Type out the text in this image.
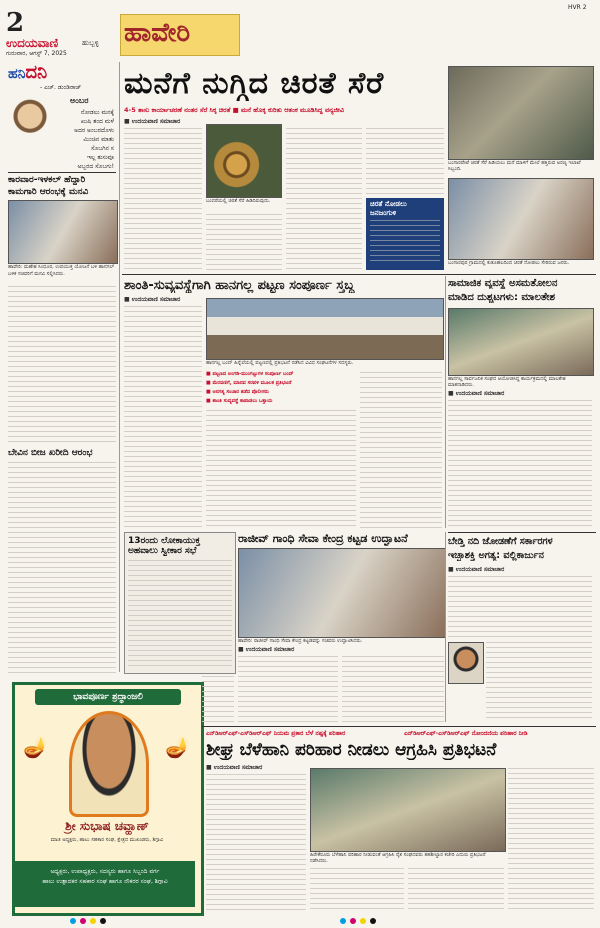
2
ಉದಯವಾಣಿ	ಹುಬ್ಬಳ್ಳಿ
ಗುರುವಾರ, ಆಗಸ್ಟ್ 7, 2025
ಹಾವೇರಿ
HVR 2
ಹನಿದನಿ
- ಎಚ್. ಡುಂಡಿರಾಜ್
ಅಂಬರ
ನೋಡಲು ಮನಕ್ಕೆ
ಖುಷಿ ತಂದ ಮಳೆ
ಅದರ ಅಂಬರದೊಳು
ಮಿಂಚಿನ ಮಾತು
ಸೊಬಗಿನ ಸ
ಇಲ್ಲ ತುಸುವೂ
ಅಬ್ಬರದ ಸೊಬಗು!
ಕಾರವಾರ-ಇಳಕಲ್ ಹೆದ್ದಾರಿ
ಕಾಮಗಾರಿ ಆರಂಭಕ್ಕೆ ಮನವಿ
ಹಾವೇರಿ: ಮಹೇಶ ಸಿಂಧೂರ, ಉಪಯುಕ್ತ ಯೋಜನೆ ಬಳಿ ಹಾನಗಲ್ ಬಳಿಕ ಸಚಿವರಿಗೆ ಮನವಿ ಸಲ್ಲಿಸಿದರು.
ಬೇವಿನ ಬೀಜ ಖರೀದಿ ಆರಂಭ
ಭಾವಪೂರ್ಣ ಶ್ರದ್ಧಾಂಜಲಿ
🪔	🪔
ಶ್ರೀ ಸುಭಾಷ ಚವ್ಹಾಣ್
ಮಾಜಿ ಅಧ್ಯಕ್ಷರು, ಹಾಲು ಸಹಕಾರ ಸಂಘ, ಕ್ಷೇತ್ರದ ಮುಖಂಡರು, ಶಿಗ್ಗಾವಿ
ಅಧ್ಯಕ್ಷರು, ಉಪಾಧ್ಯಕ್ಷರು, ಸದಸ್ಯರು ಹಾಗೂ ಸಿಬ್ಬಂದಿ ವರ್ಗ
ಹಾಲು ಉತ್ಪಾದಕರ ಸಹಕಾರ ಸಂಘ ಹಾಗೂ ನೌಕರರ ಸಂಘ, ಶಿಗ್ಗಾವಿ
ಮನೆಗೆ ನುಗ್ಗಿದ ಚಿರತೆ ಸೆರೆ
4-5 ತಾಸು ಕಾರ್ಯಾಚರಣೆ ನಂತರ ಸೆರೆ ಸಿಕ್ಕ ಚಿರತೆ ■ ಮನೆ ಹೊಕ್ಕ ಕುರಿತು ಆತಂಕ ಮೂಡಿಸಿದ್ದ ವನ್ಯಜೀವಿ
■ ಉದಯವಾಣಿ ಸಮಾಚಾರ
ಬಂದರೆಯಲ್ಲಿ ಚಿರತೆ ಸೆರೆ ಹಿಡಿದಿರುವುದು.	ಚಿರತೆ ನೋಡಲು
ಜನಜಂಗುಳಿ
ಬಂಗಾರಪೇಟೆ ಚಿರತೆ ಸೆರೆ ಹಿಡಿಯಲು ಮನೆ ಮಾಳಿಗೆ ಮೇಲೆ ಹತ್ತಿರುವ ಅರಣ್ಯ ಇಲಾಖೆ ಸಿಬ್ಬಂದಿ.
ಬಂಗಾರಪುರ ಗ್ರಾಮದಲ್ಲಿ ಕುತೂಹಲದಿಂದ ಚಿರತೆ ನೋಡಲು ಸೇರಿರುವ ಜನರು.
ಶಾಂತಿ-ಸುವ್ಯವಸ್ಥೆಗಾಗಿ ಹಾನಗಲ್ಲ ಪಟ್ಟಣ ಸಂಪೂರ್ಣ ಸ್ತಬ್ಧ
■ ಉದಯವಾಣಿ ಸಮಾಚಾರ
ಹಾನಗಲ್ಲ ಬಂದ್ ಹಿನ್ನೆಲೆಯಲ್ಲಿ ಪಟ್ಟಣದಲ್ಲಿ ಪ್ರತಿಭಟನೆ ನಡೆಸಿದ ವಿವಿಧ ಸಂಘಟನೆಗಳ ಸದಸ್ಯರು.
■ ಪಟ್ಟಣದ ಅಂಗಡಿ-ಮುಂಗಟ್ಟುಗಳ ಸಂಪೂರ್ಣ ಬಂದ್
■ ಮೆರವಣಿಗೆ, ಮಾನವ ಸರಪಳಿ ಮೂಲಕ ಪ್ರತಿಭಟನೆ
■ ಅನಗತ್ಯ ಸಂಚಾರ ತಡೆದ ಪೊಲೀಸರು
■ ಶಾಂತಿ ಸುವ್ಯವಸ್ಥೆ ಕಾಪಾಡಲು ಒತ್ತಾಯ
ಸಾಮಾಜಿಕ ವ್ಯವಸ್ಥೆ ಅಸಮತೋಲನ
ಮಾಡಿದ ದುಶ್ಚಟಗಳು: ಮಾಲತೇಶ
ಹಾನಗಲ್ಲ ಸಾರ್ವಜನಿಕ ಸಂಘದ ಆಯೋಜಿಸಿದ್ದ ಕಾರ್ಯಕ್ರಮದಲ್ಲಿ ಮಾಲತೇಶ ಮಾತನಾಡಿದರು.
■ ಉದಯವಾಣಿ ಸಮಾಚಾರ
13ರಂದು ಲೋಕಾಯುಕ್ತ
ಅಹವಾಲು ಸ್ವೀಕಾರ ಸಭೆ
ರಾಜೀವ್ ಗಾಂಧಿ ಸೇವಾ ಕೇಂದ್ರ ಕಟ್ಟಡ ಉದ್ಘಾಟನೆ
ಹಾವೇರಿ: ರಾಜೀವ್ ಗಾಂಧಿ ಸೇವಾ ಕೇಂದ್ರ ಕಟ್ಟಡವನ್ನು ಸಚಿವರು ಉದ್ಘಾಟಿಸಿದರು.
■ ಉದಯವಾಣಿ ಸಮಾಚಾರ
ಬೇಡ್ತಿ ನದಿ ಜೋಡಣೆಗೆ ಸರ್ಕಾರಗಳ
ಇಚ್ಛಾಶಕ್ತಿ ಅಗತ್ಯ: ವಲ್ಲಿಕಾರ್ಜುನ
■ ಉದಯವಾಣಿ ಸಮಾಚಾರ
ಎನ್‌ಡಿಆರ್‌ಎಫ್-ಎಸ್‌ಡಿಆರ್‌ಎಫ್ ನಿಯಮ ಪ್ರಕಾರ ಬೆಳೆ ನಷ್ಟಕ್ಕೆ ಪರಿಹಾರ	ಎನ್‌ಡಿಆರ್‌ಎಫ್-ಎಸ್‌ಡಿಆರ್‌ಎಫ್ ನೋಂದಣಿಯ ಪರಿಹಾರ ನೀಡಿ
ಶೀಘ್ರ ಬೆಳೆಹಾನಿ ಪರಿಹಾರ ನೀಡಲು ಆಗ್ರಹಿಸಿ ಪ್ರತಿಭಟನೆ
■ ಉದಯವಾಣಿ ಸಮಾಚಾರ
ಹಿರೇಕೆರೂರು ಬೆಳೆಹಾನಿ ಪರಿಹಾರ ನೀಡುವಂತೆ ಆಗ್ರಹಿಸಿ ರೈತ ಸಂಘದವರು ತಹಶೀಲ್ದಾರ ಕಚೇರಿ ಎದುರು ಪ್ರತಿಭಟನೆ ನಡೆಸಿದರು.
